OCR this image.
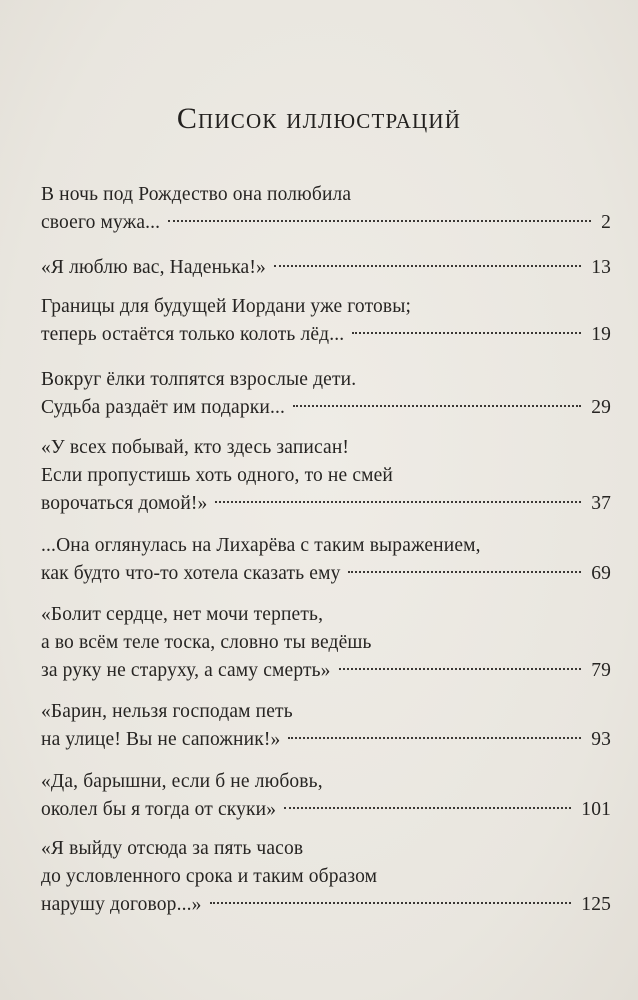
Список иллюстраций
В ночь под Рождество она полюбила
своего мужа...	2
«Я люблю вас, Наденька!»	13
Границы для будущей Иордани уже готовы;
теперь остаётся только колоть лёд...	19
Вокруг ёлки толпятся взрослые дети.
Судьба раздаёт им подарки...	29
«У всех побывай, кто здесь записан!
Если пропустишь хоть одного, то не смей
ворочаться домой!»	37
...Она оглянулась на Лихарёва с таким выражением,
как будто что-то хотела сказать ему	69
«Болит сердце, нет мочи терпеть,
а во всём теле тоска, словно ты ведёшь
за руку не старуху, а саму смерть»	79
«Барин, нельзя господам петь
на улице! Вы не сапожник!»	93
«Да, барышни, если б не любовь,
околел бы я тогда от скуки»	101
«Я выйду отсюда за пять часов
до условленного срока и таким образом
нарушу договор...»	125
